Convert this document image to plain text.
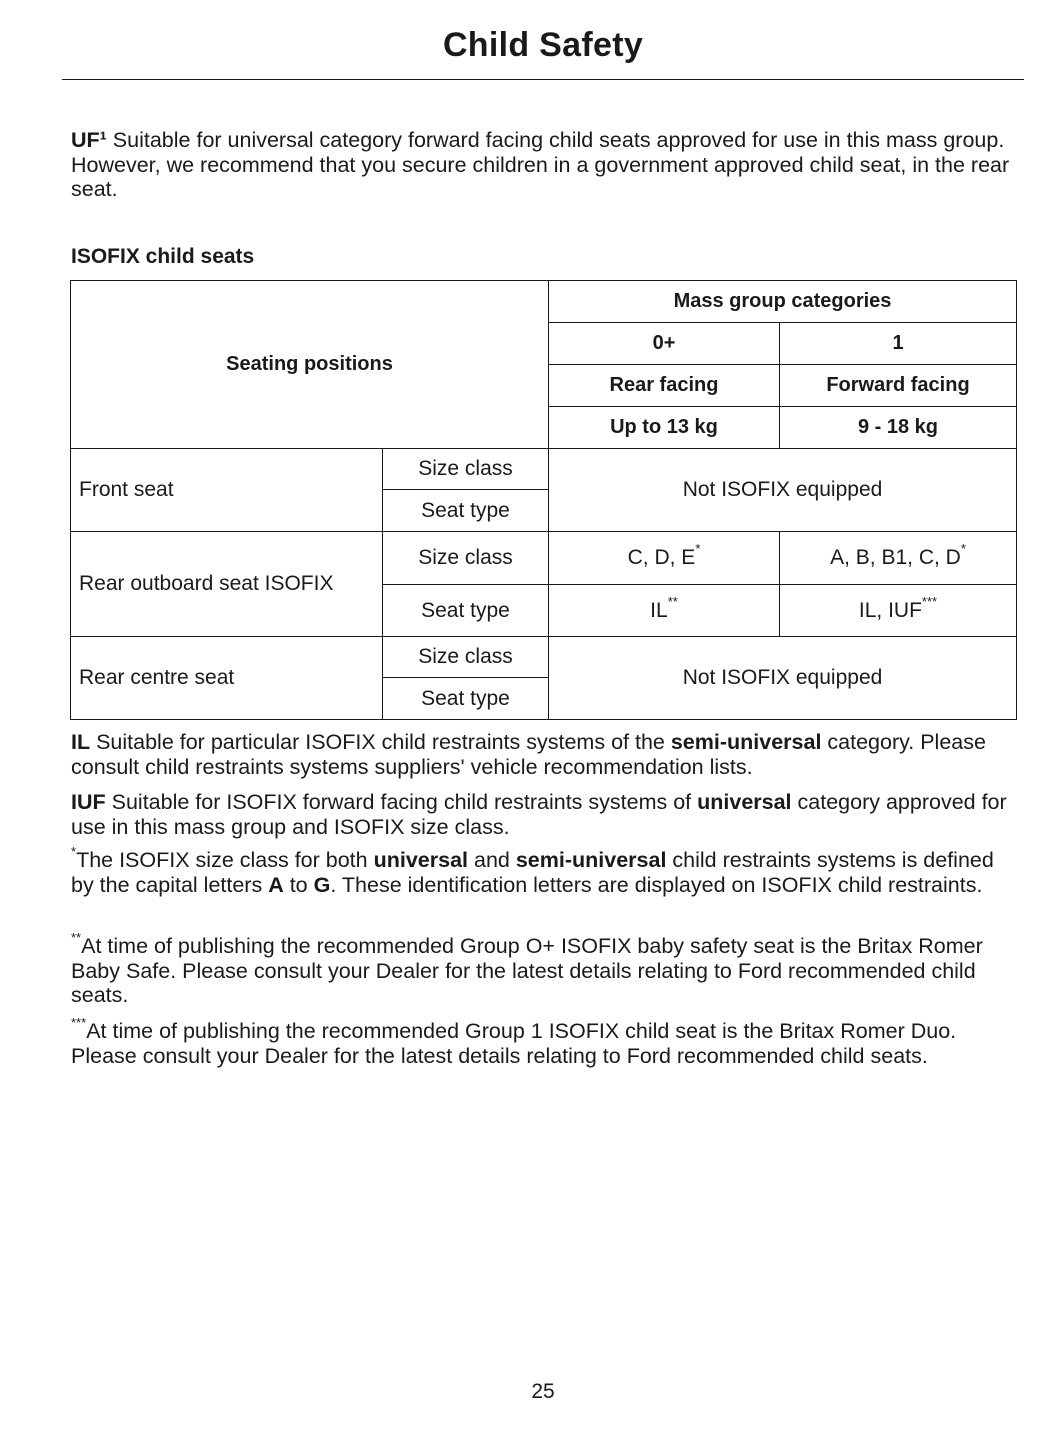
Child Safety

UF¹ Suitable for universal category forward facing child seats approved for use in this mass group. However, we recommend that you secure children in a government approved child seat, in the rear seat.

ISOFIX child seats
Seating positions		Mass group categories	
		0+	1
		Rear facing	Forward facing
		Up to 13 kg	9 - 18 kg
Front seat	Size class	Not ISOFIX equipped	
	Seat type		
Rear outboard seat ISOFIX	Size class	C, D, E*	A, B, B1, C, D*
	Seat type	IL**	IL, IUF***
Rear centre seat	Size class	Not ISOFIX equipped	
	Seat type		

IL Suitable for particular ISOFIX child restraints systems of the semi-universal category. Please consult child restraints systems suppliers' vehicle recommendation lists.

IUF Suitable for ISOFIX forward facing child restraints systems of universal category approved for use in this mass group and ISOFIX size class.

*The ISOFIX size class for both universal and semi-universal child restraints systems is defined by the capital letters A to G. These identification letters are displayed on ISOFIX child restraints.

**At time of publishing the recommended Group O+ ISOFIX baby safety seat is the Britax Romer Baby Safe. Please consult your Dealer for the latest details relating to Ford recommended child seats.

***At time of publishing the recommended Group 1 ISOFIX child seat is the Britax Romer Duo. Please consult your Dealer for the latest details relating to Ford recommended child seats.

25
